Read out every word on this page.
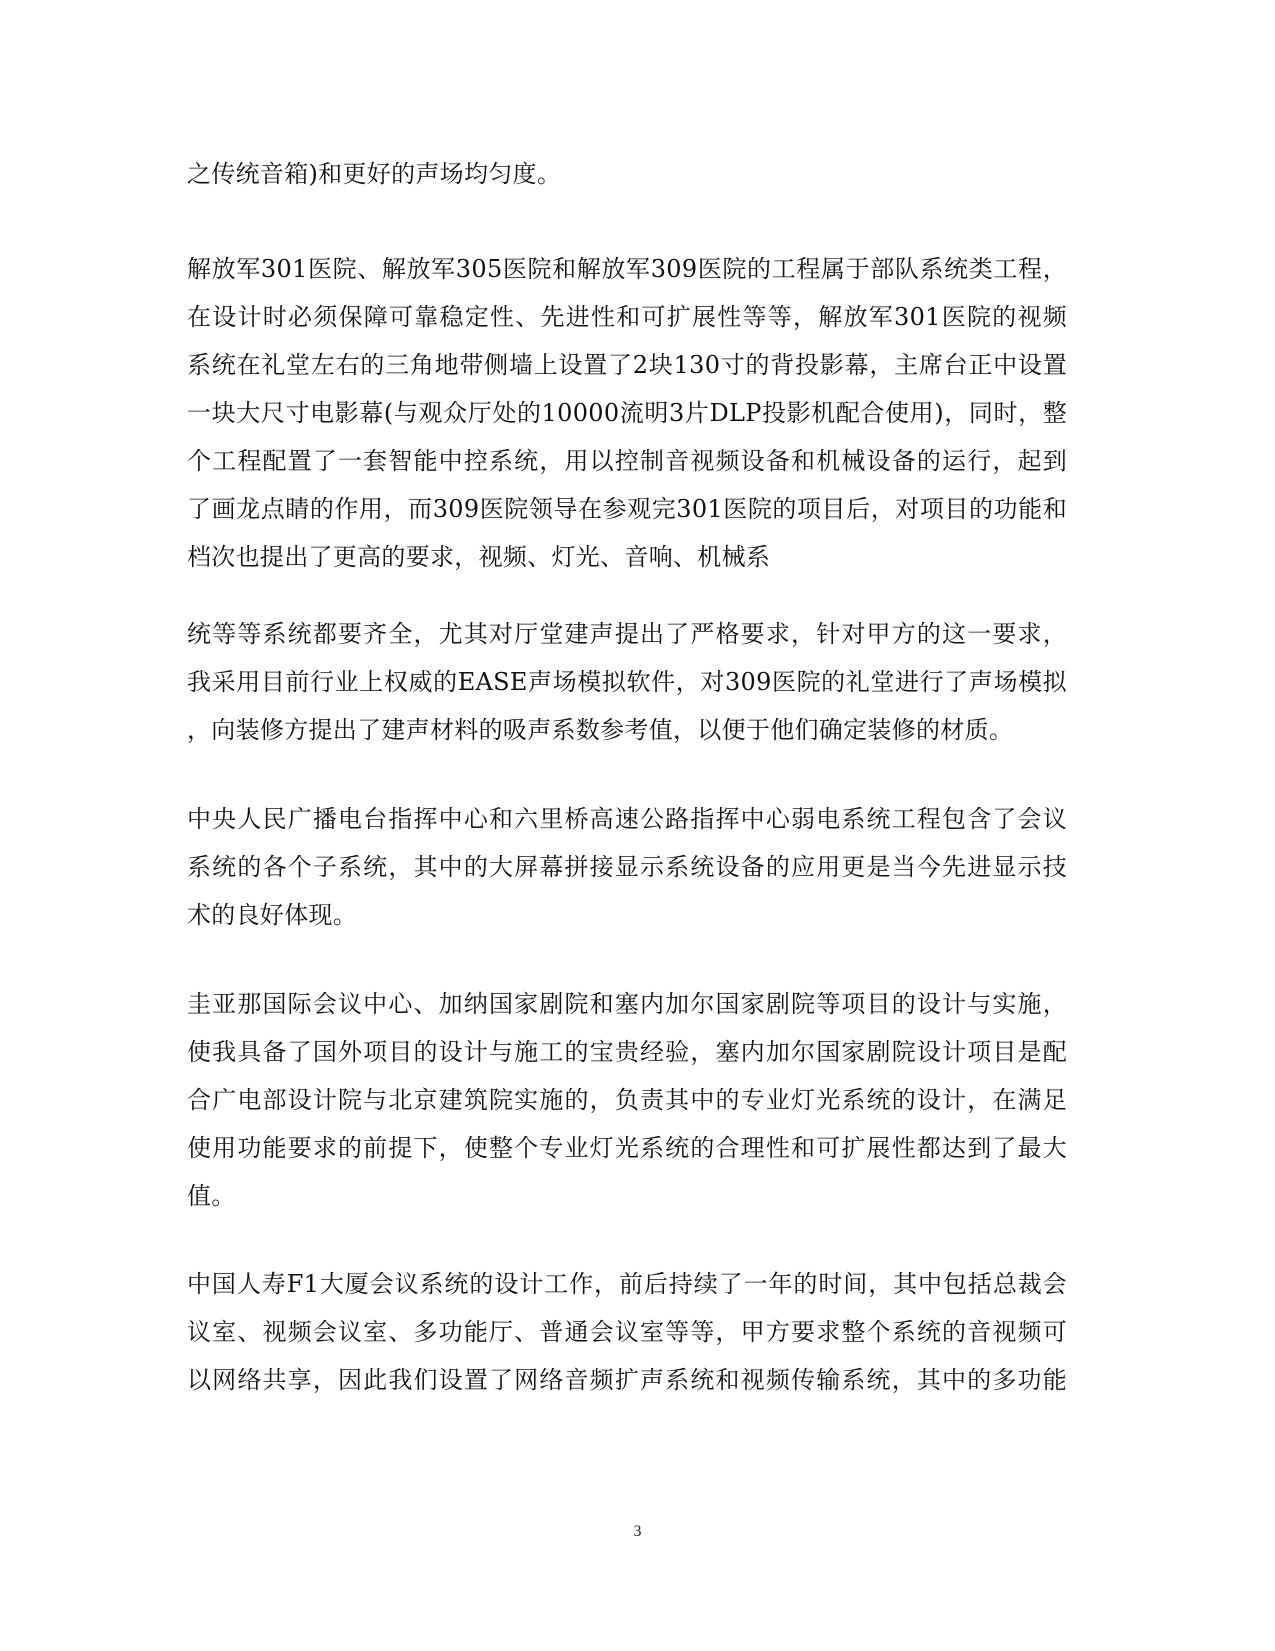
之传统音箱)和更好的声场均匀度。
解放军301医院、解放军305医院和解放军309医院的工程属于部队系统类工程，
在设计时必须保障可靠稳定性、先进性和可扩展性等等，解放军301医院的视频
系统在礼堂左右的三角地带侧墙上设置了2块130寸的背投影幕，主席台正中设置
一块大尺寸电影幕(与观众厅处的10000流明3片DLP投影机配合使用)，同时，整
个工程配置了一套智能中控系统，用以控制音视频设备和机械设备的运行，起到
了画龙点睛的作用，而309医院领导在参观完301医院的项目后，对项目的功能和
档次也提出了更高的要求，视频、灯光、音响、机械系
统等等系统都要齐全，尤其对厅堂建声提出了严格要求，针对甲方的这一要求，
我采用目前行业上权威的EASE声场模拟软件，对309医院的礼堂进行了声场模拟
，向装修方提出了建声材料的吸声系数参考值，以便于他们确定装修的材质。
中央人民广播电台指挥中心和六里桥高速公路指挥中心弱电系统工程包含了会议
系统的各个子系统，其中的大屏幕拼接显示系统设备的应用更是当今先进显示技
术的良好体现。
圭亚那国际会议中心、加纳国家剧院和塞内加尔国家剧院等项目的设计与实施，
使我具备了国外项目的设计与施工的宝贵经验，塞内加尔国家剧院设计项目是配
合广电部设计院与北京建筑院实施的，负责其中的专业灯光系统的设计，在满足
使用功能要求的前提下，使整个专业灯光系统的合理性和可扩展性都达到了最大
值。
中国人寿F1大厦会议系统的设计工作，前后持续了一年的时间，其中包括总裁会
议室、视频会议室、多功能厅、普通会议室等等，甲方要求整个系统的音视频可
以网络共享，因此我们设置了网络音频扩声系统和视频传输系统，其中的多功能
3
